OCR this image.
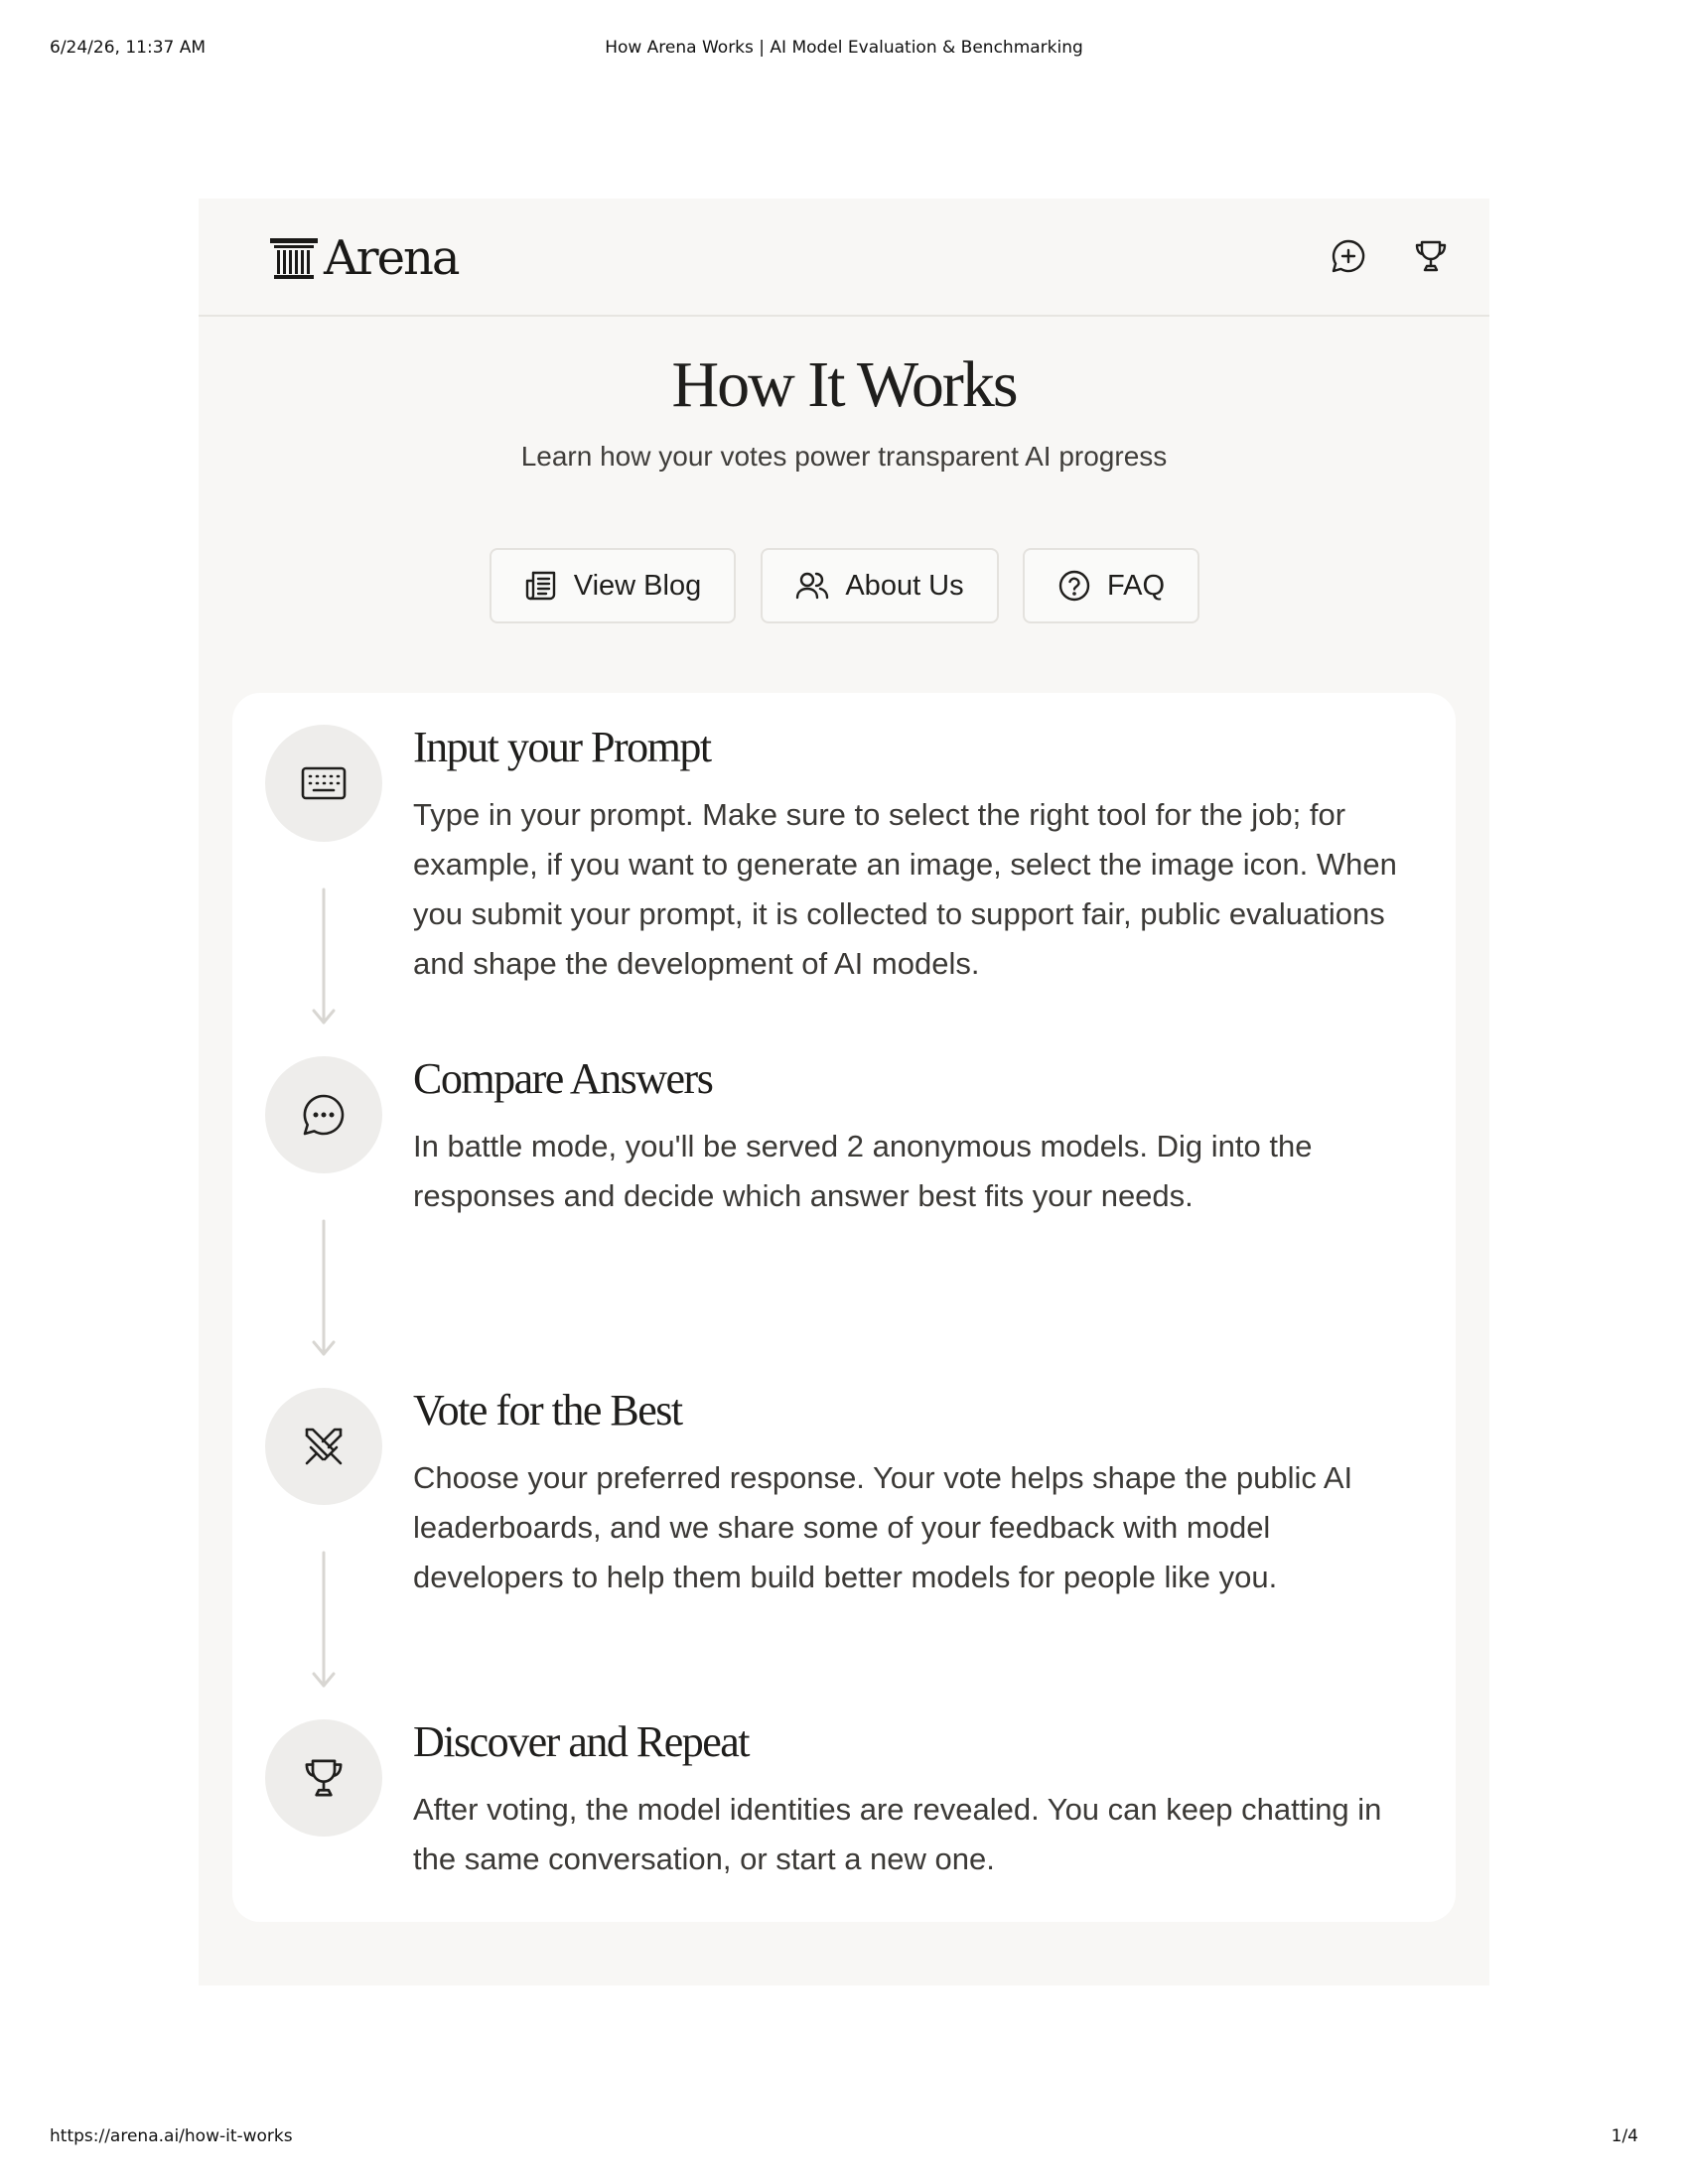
How Arena Works | AI Model Evaluation & Benchmarking
6/24/26, 11:37 AM
Arena
How It Works
Learn how your votes power transparent AI progress
View Blog	About Us	FAQ
Input your Prompt
Type in your prompt. Make sure to select the right tool for the job; for example, if you want to generate an image, select the image icon. When you submit your prompt, it is collected to support fair, public evaluations and shape the development of AI models.
Compare Answers
In battle mode, you'll be served 2 anonymous models. Dig into the responses and decide which answer best fits your needs.
Vote for the Best
Choose your preferred response. Your vote helps shape the public AI leaderboards, and we share some of your feedback with model developers to help them build better models for people like you.
Discover and Repeat
After voting, the model identities are revealed. You can keep chatting in the same conversation, or start a new one.
https://arena.ai/how-it-works	1/4
